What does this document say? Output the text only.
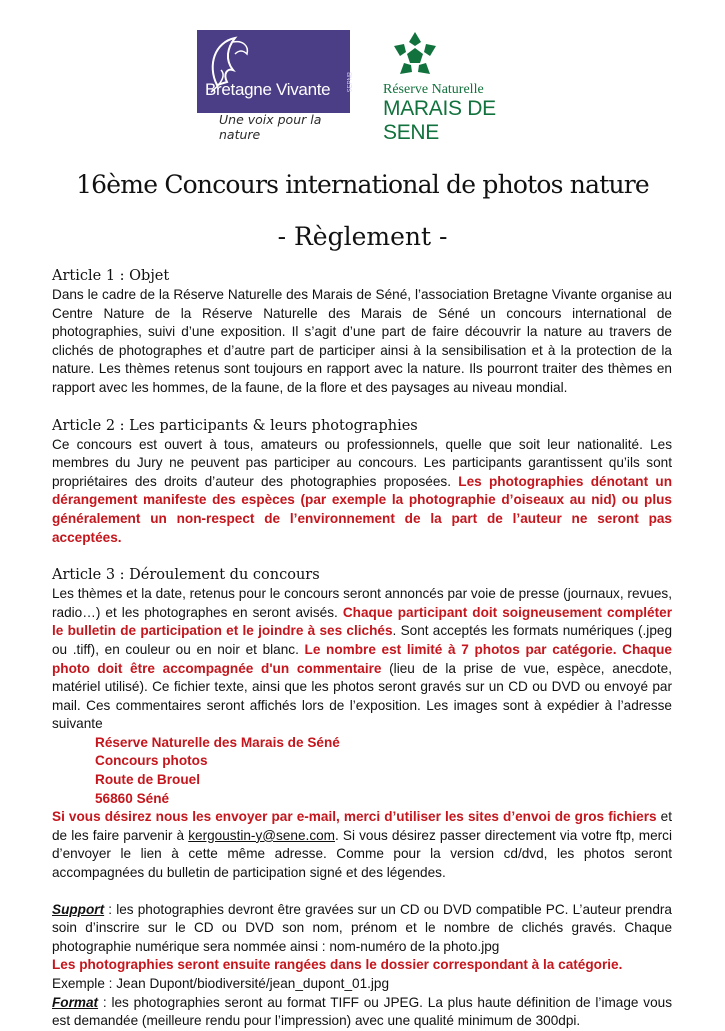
Bretagne Vivante	SEPNB
Une voix pour la nature
Réserve Naturelle
MARAIS DE SENE
16ème Concours international de photos nature
- Règlement -
Article 1 : Objet

Dans le cadre de la Réserve Naturelle des Marais de Séné, l’association Bretagne Vivante organise au Centre Nature de la Réserve Naturelle des Marais de Séné un concours international de photographies, suivi d’une exposition. Il s’agit d’une part de faire découvrir la nature au travers de clichés de photographes et d’autre part de participer ainsi à la sensibilisation et à la protection de la nature. Les thèmes retenus sont toujours en rapport avec la nature. Ils pourront traiter des thèmes en rapport avec les hommes, de la faune, de la flore et des paysages au niveau mondial.

Article 2 : Les participants & leurs photographies

Ce concours est ouvert à tous, amateurs ou professionnels, quelle que soit leur nationalité. Les membres du Jury ne peuvent pas participer au concours. Les participants garantissent qu’ils sont propriétaires des droits d’auteur des photographies proposées. Les photographies dénotant un dérangement manifeste des espèces (par exemple la photographie d’oiseaux au nid) ou plus généralement un non-respect de l’environnement de la part de l’auteur ne seront pas acceptées.

Article 3 : Déroulement du concours

Les thèmes et la date, retenus pour le concours seront annoncés par voie de presse (journaux, revues, radio…) et les photographes en seront avisés. Chaque participant doit soigneusement compléter le bulletin de participation et le joindre à ses clichés. Sont acceptés les formats numériques (.jpeg ou .tiff), en couleur ou en noir et blanc. Le nombre est limité à 7 photos par catégorie. Chaque photo doit être accompagnée d'un commentaire (lieu de la prise de vue, espèce, anecdote, matériel utilisé). Ce fichier texte, ainsi que les photos seront gravés sur un CD ou DVD ou envoyé par mail. Ces commentaires seront affichés lors de l’exposition. Les images sont à expédier à l’adresse suivante

Réserve Naturelle des Marais de Séné
Concours photos
Route de Brouel
56860 Séné

Si vous désirez nous les envoyer par e-mail, merci d’utiliser les sites d’envoi de gros fichiers et de les faire parvenir à kergoustin-y@sene.com. Si vous désirez passer directement via votre ftp, merci d’envoyer le lien à cette même adresse. Comme pour la version cd/dvd, les photos seront accompagnées du bulletin de participation signé et des légendes.

Support : les photographies devront être gravées sur un CD ou DVD compatible PC. L’auteur prendra soin d’inscrire sur le CD ou DVD son nom, prénom et le nombre de clichés gravés. Chaque photographie numérique sera nommée ainsi : nom-numéro de la photo.jpg

Les photographies seront ensuite rangées dans le dossier correspondant à la catégorie.

Exemple : Jean Dupont/biodiversité/jean_dupont_01.jpg

Format : les photographies seront au format TIFF ou JPEG. La plus haute définition de l’image vous est demandée (meilleure rendu pour l’impression) avec une qualité minimum de 300dpi.
